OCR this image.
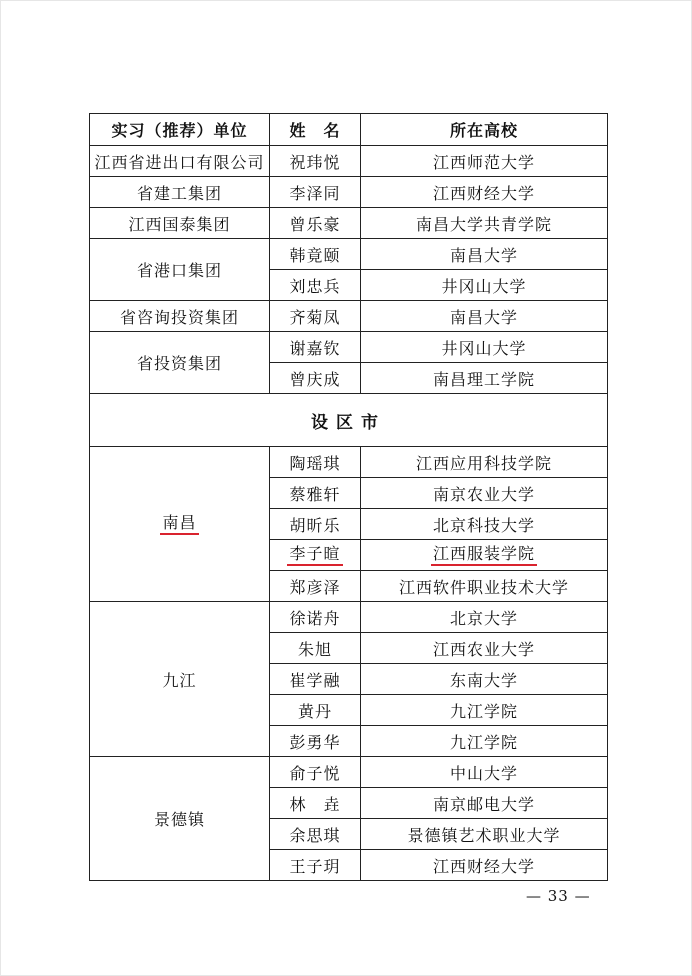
实习（推荐）单位	姓　名	所在高校
江西省进出口有限公司	祝玮悦	江西师范大学
省建工集团	李泽同	江西财经大学
江西国泰集团	曾乐豪	南昌大学共青学院
省港口集团	韩竟颐	南昌大学
	刘忠兵	井冈山大学
省咨询投资集团	齐菊凤	南昌大学
省投资集团	谢嘉钦	井冈山大学
	曾庆成	南昌理工学院
设区市		
南昌	陶瑶琪	江西应用科技学院
	蔡雅轩	南京农业大学
	胡昕乐	北京科技大学
	李子暄	江西服装学院
	郑彦泽	江西软件职业技术大学
九江	徐诺舟	北京大学
	朱旭	江西农业大学
	崔学融	东南大学
	黄丹	九江学院
	彭勇华	九江学院
景德镇	俞子悦	中山大学
	林　垚	南京邮电大学
	余思琪	景德镇艺术职业大学
	王子玥	江西财经大学
— 33 —
